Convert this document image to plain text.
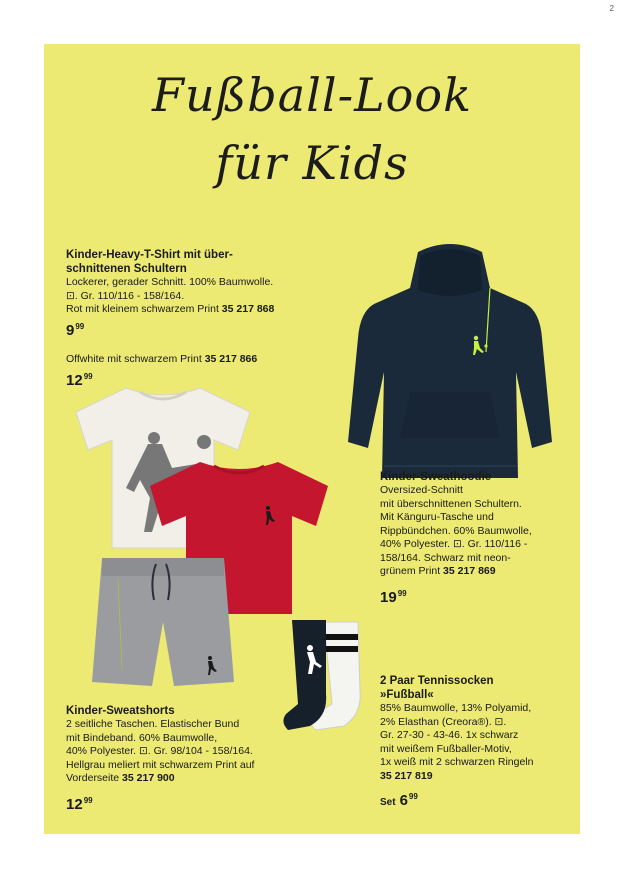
2
Fußball-Look
für Kids
Kinder-Heavy-T-Shirt mit über-
schnittenen Schultern
Lockerer, gerader Schnitt. 100% Baumwolle.
⊡. Gr. 110/116 - 158/164.
Rot mit kleinem schwarzem Print 35 217 868
$9^{99}$
Offwhite mit schwarzem Print 35 217 866
$12^{99}$
Kinder-Sweathoodie
Oversized-Schnitt
mit überschnittenen Schultern.
Mit Känguru-Tasche und
Rippbündchen. 60% Baumwolle,
40% Polyester. ⊡. Gr. 110/116 -
158/164. Schwarz mit neon-
grünem Print 35 217 869
$19^{99}$
Kinder-Sweatshorts
2 seitliche Taschen. Elastischer Bund
mit Bindeband. 60% Baumwolle,
40% Polyester. ⊡. Gr. 98/104 - 158/164.
Hellgrau meliert mit schwarzem Print auf
Vorderseite 35 217 900
$12^{99}$
2 Paar Tennissocken
»Fußball«
85% Baumwolle, 13% Polyamid,
2% Elasthan (Creora®). ⊡.
Gr. 27-30 - 43-46. 1x schwarz
mit weißem Fußballer-Motiv,
1x weiß mit 2 schwarzen Ringeln
35 217 819
Set $6^{99}$
